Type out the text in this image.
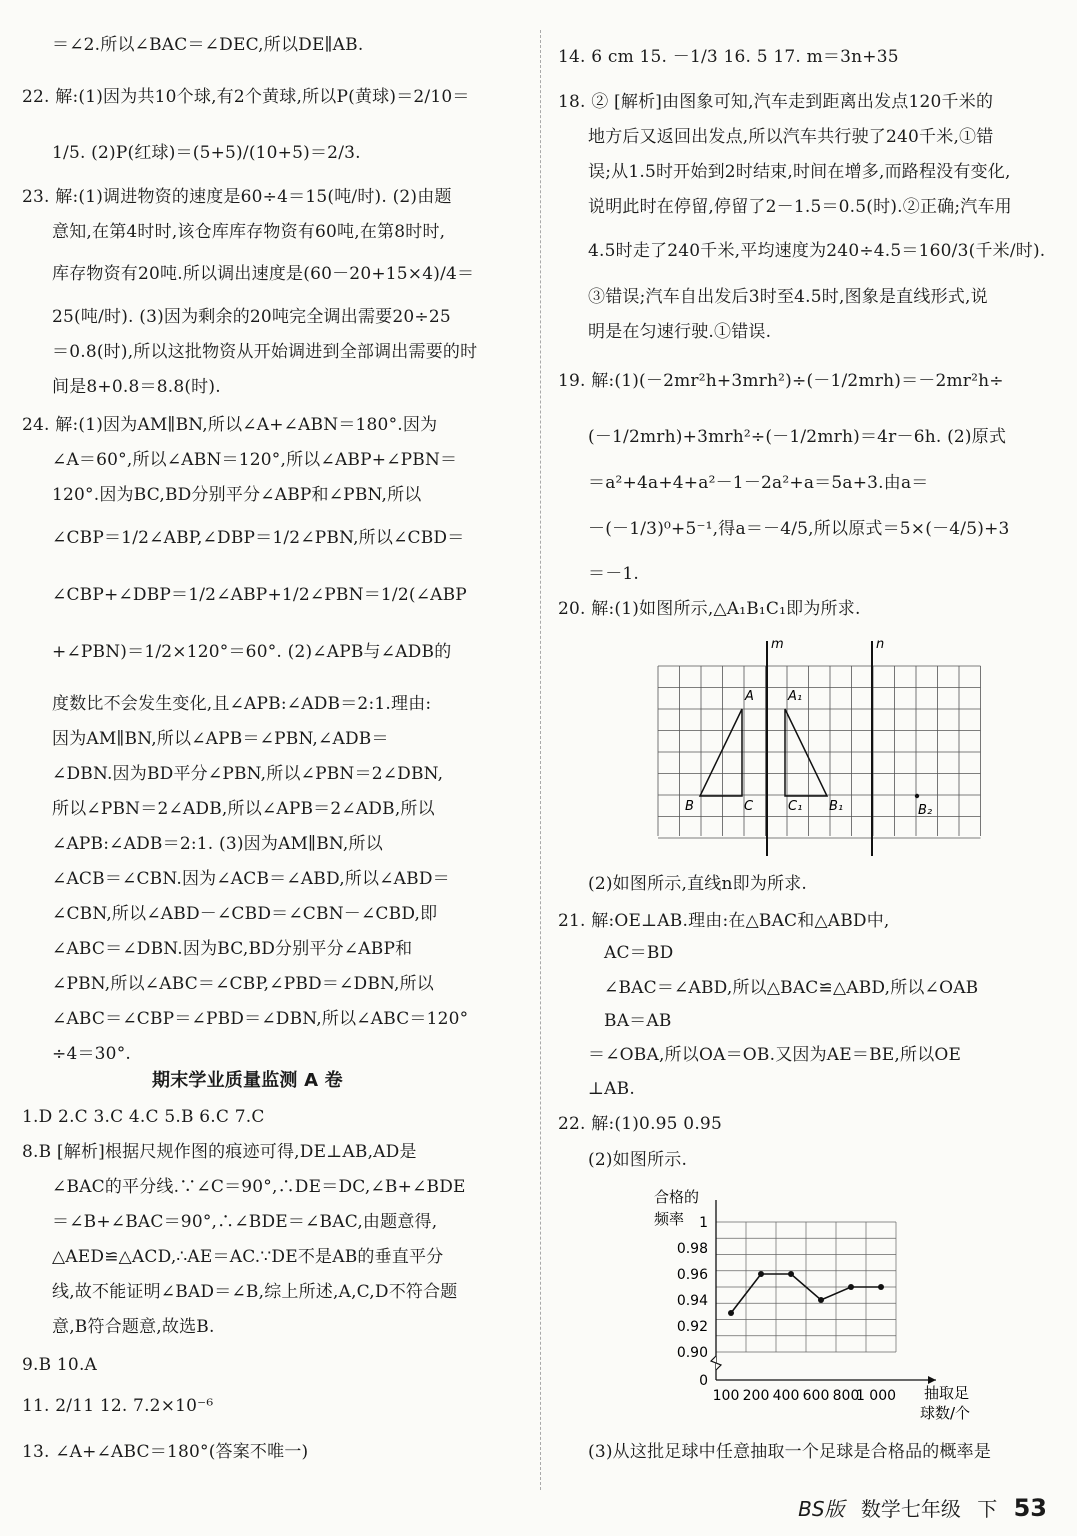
＝∠2.所以∠BAC＝∠DEC,所以DE∥AB.
22. 解:(1)因为共10个球,有2个黄球,所以P(黄球)＝2/10＝
1/5. (2)P(红球)＝(5+5)/(10+5)＝2/3.
23. 解:(1)调进物资的速度是60÷4＝15(吨/时). (2)由题
意知,在第4时时,该仓库库存物资有60吨,在第8时时,
库存物资有20吨.所以调出速度是(60－20+15×4)/4＝
25(吨/时). (3)因为剩余的20吨完全调出需要20÷25
＝0.8(时),所以这批物资从开始调进到全部调出需要的时
间是8+0.8＝8.8(时).
24. 解:(1)因为AM∥BN,所以∠A+∠ABN＝180°.因为
∠A＝60°,所以∠ABN＝120°,所以∠ABP+∠PBN＝
120°.因为BC,BD分别平分∠ABP和∠PBN,所以
∠CBP＝1/2∠ABP,∠DBP＝1/2∠PBN,所以∠CBD＝
∠CBP+∠DBP＝1/2∠ABP+1/2∠PBN＝1/2(∠ABP
+∠PBN)＝1/2×120°＝60°. (2)∠APB与∠ADB的
度数比不会发生变化,且∠APB:∠ADB＝2:1.理由:
因为AM∥BN,所以∠APB＝∠PBN,∠ADB＝
∠DBN.因为BD平分∠PBN,所以∠PBN＝2∠DBN,
所以∠PBN＝2∠ADB,所以∠APB＝2∠ADB,所以
∠APB:∠ADB＝2:1. (3)因为AM∥BN,所以
∠ACB＝∠CBN.因为∠ACB＝∠ABD,所以∠ABD＝
∠CBN,所以∠ABD－∠CBD＝∠CBN－∠CBD,即
∠ABC＝∠DBN.因为BC,BD分别平分∠ABP和
∠PBN,所以∠ABC＝∠CBP,∠PBD＝∠DBN,所以
∠ABC＝∠CBP＝∠PBD＝∠DBN,所以∠ABC＝120°
÷4＝30°.
期末学业质量监测 A 卷
1.D 2.C 3.C 4.C 5.B 6.C 7.C
8.B [解析]根据尺规作图的痕迹可得,DE⊥AB,AD是
∠BAC的平分线.∵∠C＝90°,∴DE＝DC,∠B+∠BDE
＝∠B+∠BAC＝90°,∴∠BDE＝∠BAC,由题意得,
△AED≌△ACD,∴AE＝AC.∵DE不是AB的垂直平分
线,故不能证明∠BAD＝∠B,综上所述,A,C,D不符合题
意,B符合题意,故选B.
9.B 10.A
11. 2/11 12. 7.2×10⁻⁶
13. ∠A+∠ABC＝180°(答案不唯一)
14. 6 cm 15. －1/3 16. 5 17. m＝3n+35
18. ② [解析]由图象可知,汽车走到距离出发点120千米的
地方后又返回出发点,所以汽车共行驶了240千米,①错
误;从1.5时开始到2时结束,时间在增多,而路程没有变化,
说明此时在停留,停留了2－1.5＝0.5(时).②正确;汽车用
4.5时走了240千米,平均速度为240÷4.5＝160/3(千米/时).
③错误;汽车自出发后3时至4.5时,图象是直线形式,说
明是在匀速行驶.①错误.
19. 解:(1)(－2mr²h+3mrh²)÷(－1/2mrh)＝－2mr²h÷
(－1/2mrh)+3mrh²÷(－1/2mrh)＝4r－6h. (2)原式
＝a²+4a+4+a²－1－2a²+a＝5a+3.由a＝
－(－1/3)⁰+5⁻¹,得a＝－4/5,所以原式＝5×(－4/5)+3
＝－1.
20. 解:(1)如图所示,△A₁B₁C₁即为所求.
(2)如图所示,直线n即为所求.
21. 解:OE⊥AB.理由:在△BAC和△ABD中,
AC＝BD
∠BAC＝∠ABD,所以△BAC≌△ABD,所以∠OAB
BA＝AB
＝∠OBA,所以OA＝OB.又因为AE＝BE,所以OE
⊥AB.
22. 解:(1)0.95 0.95
(2)如图所示.
(3)从这批足球中任意抽取一个足球是合格品的概率是
m	n
A
B	C
A₁
B₁
C₁	B₂
1
0.98
0.96
0.94
0.92
0.90
0
100 200 400 600 800
1 000
合格的
频率
抽取足
球数/个
BS版 数学七年级 下 53
